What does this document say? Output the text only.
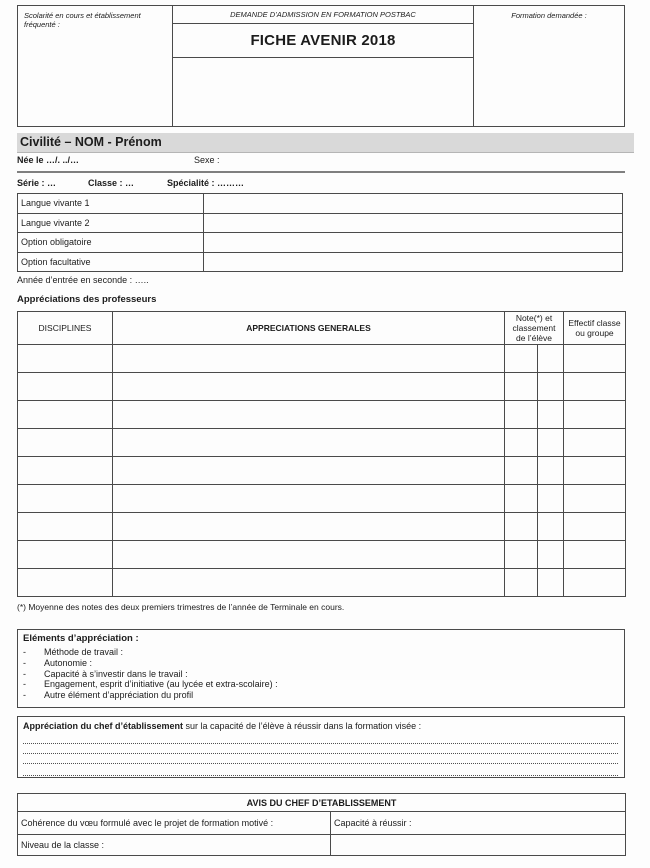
Scolarité en cours et établissement fréquenté :
DEMANDE D’ADMISSION EN FORMATION POSTBAC
FICHE AVENIR 2018
Formation demandée :
Civilité – NOM - Prénom
Née le …/. ../…	Sexe :
Série : …	Classe : …	Spécialité : ………
Langue vivante 1
Langue vivante 2
Option obligatoire
Option facultative
Année d’entrée en seconde : …..
Appréciations des professeurs
DISCIPLINES	APPRECIATIONS GENERALES	Note(*) et classement de l’élève		Effectif classe ou groupe

(*) Moyenne des notes des deux premiers trimestres de l’année de Terminale en cours.
Eléments d’appréciation :
-	Méthode de travail :
-	Autonomie :
-	Capacité à s’investir dans le travail :
-	Engagement, esprit d’initiative (au lycée et extra-scolaire) :
-	Autre élément d’appréciation du profil
Appréciation du chef d’établissement sur la capacité de l’élève à réussir dans la formation visée :
AVIS DU CHEF D’ETABLISSEMENT	
Cohérence du vœu formulé avec le projet de formation motivé :	Capacité à réussir :
Niveau de la classe :	
